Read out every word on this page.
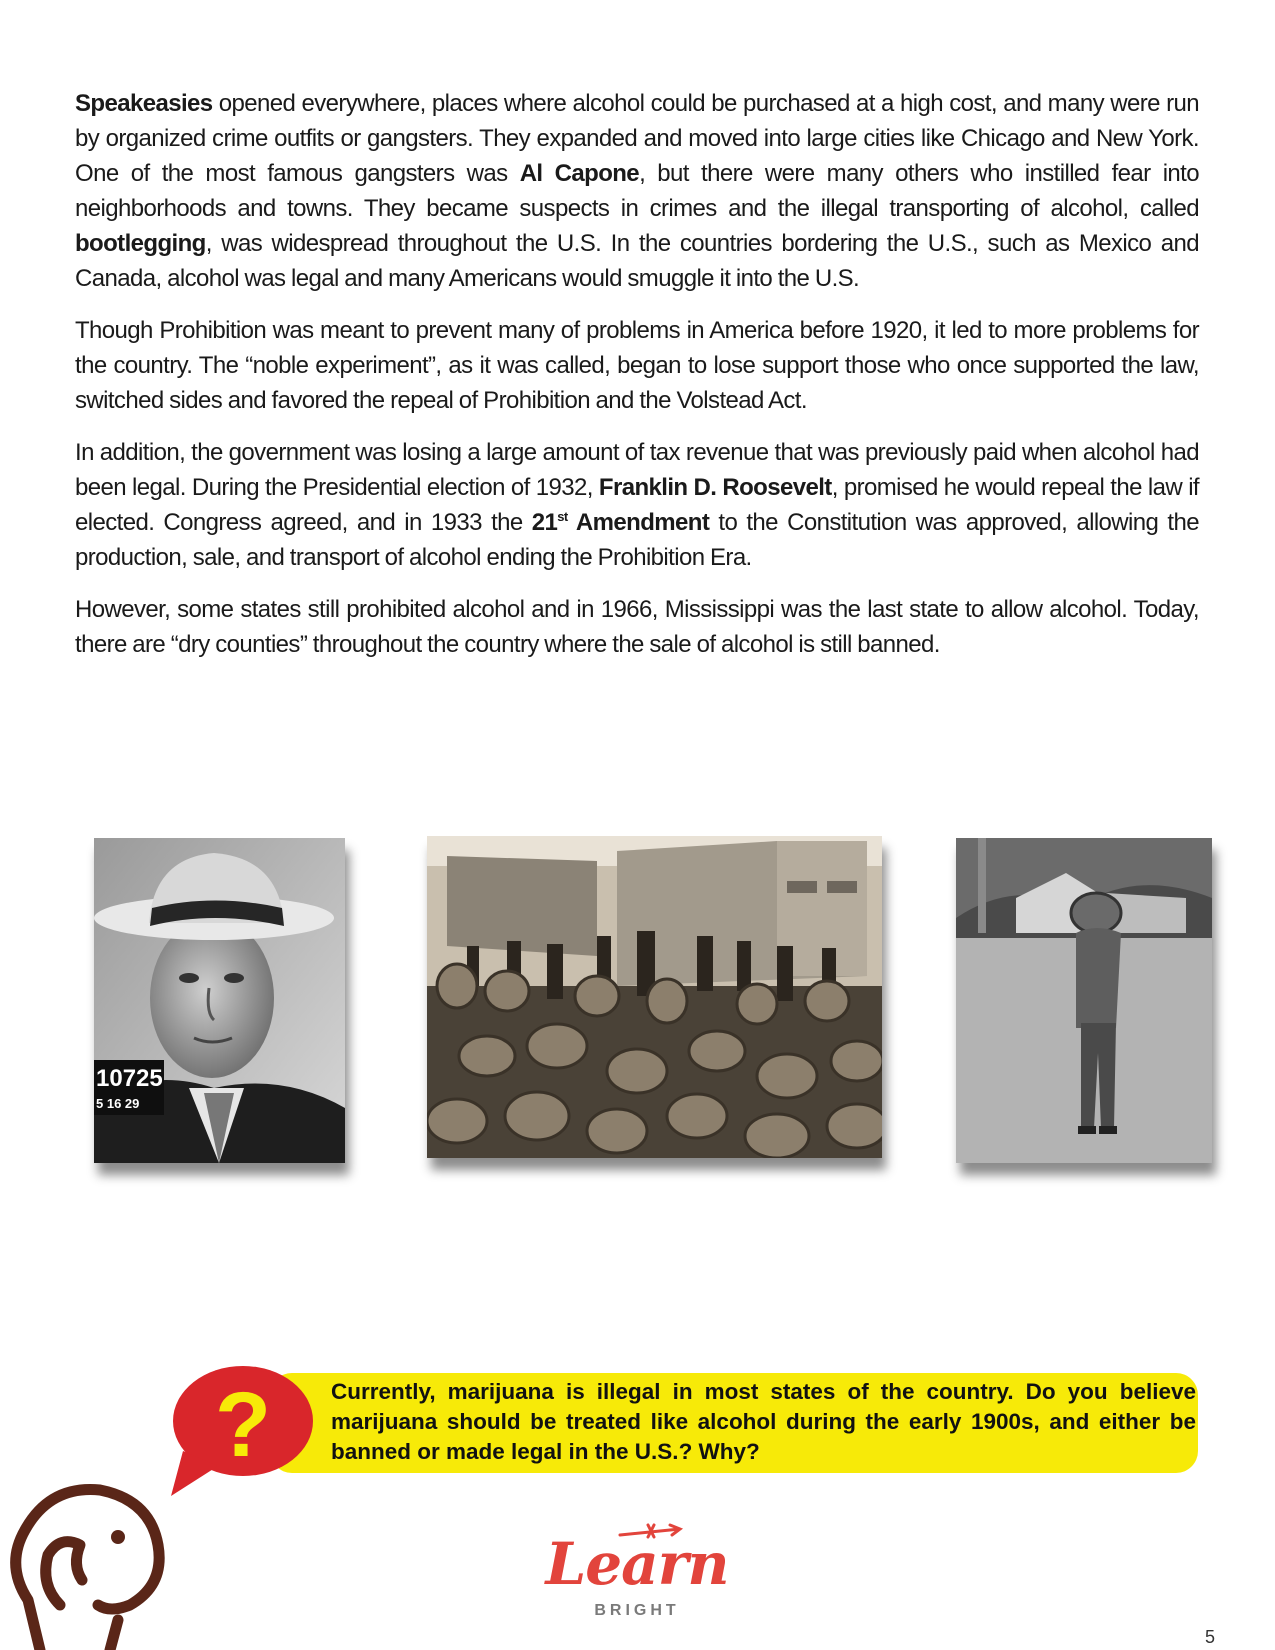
Speakeasies opened everywhere, places where alcohol could be purchased at a high cost, and many were run by organized crime outfits or gangsters. They expanded and moved into large cities like Chicago and New York. One of the most famous gangsters was Al Capone, but there were many others who instilled fear into neighborhoods and towns. They became suspects in crimes and the illegal transporting of alcohol, called bootlegging, was widespread throughout the U.S. In the countries bordering the U.S., such as Mexico and Canada, alcohol was legal and many Americans would smuggle it into the U.S.

Though Prohibition was meant to prevent many of problems in America before 1920, it led to more problems for the country. The “noble experiment”, as it was called, began to lose support those who once supported the law, switched sides and favored the repeal of Prohibition and the Volstead Act.

In addition, the government was losing a large amount of tax revenue that was previously paid when alcohol had been legal. During the Presidential election of 1932, Franklin D. Roosevelt, promised he would repeal the law if elected. Congress agreed, and in 1933 the 21st Amendment to the Constitution was approved, allowing the production, sale, and transport of alcohol ending the Prohibition Era.

However, some states still prohibited alcohol and in 1966, Mississippi was the last state to allow alcohol. Today, there are “dry counties” throughout the country where the sale of alcohol is still banned.

10725
5 16 29
?	Currently, marijuana is illegal in most states of the country. Do you believe marijuana should be treated like alcohol during the early 1900s, and either be banned or made legal in the U.S.? Why?
Learn
BRIGHT
5
